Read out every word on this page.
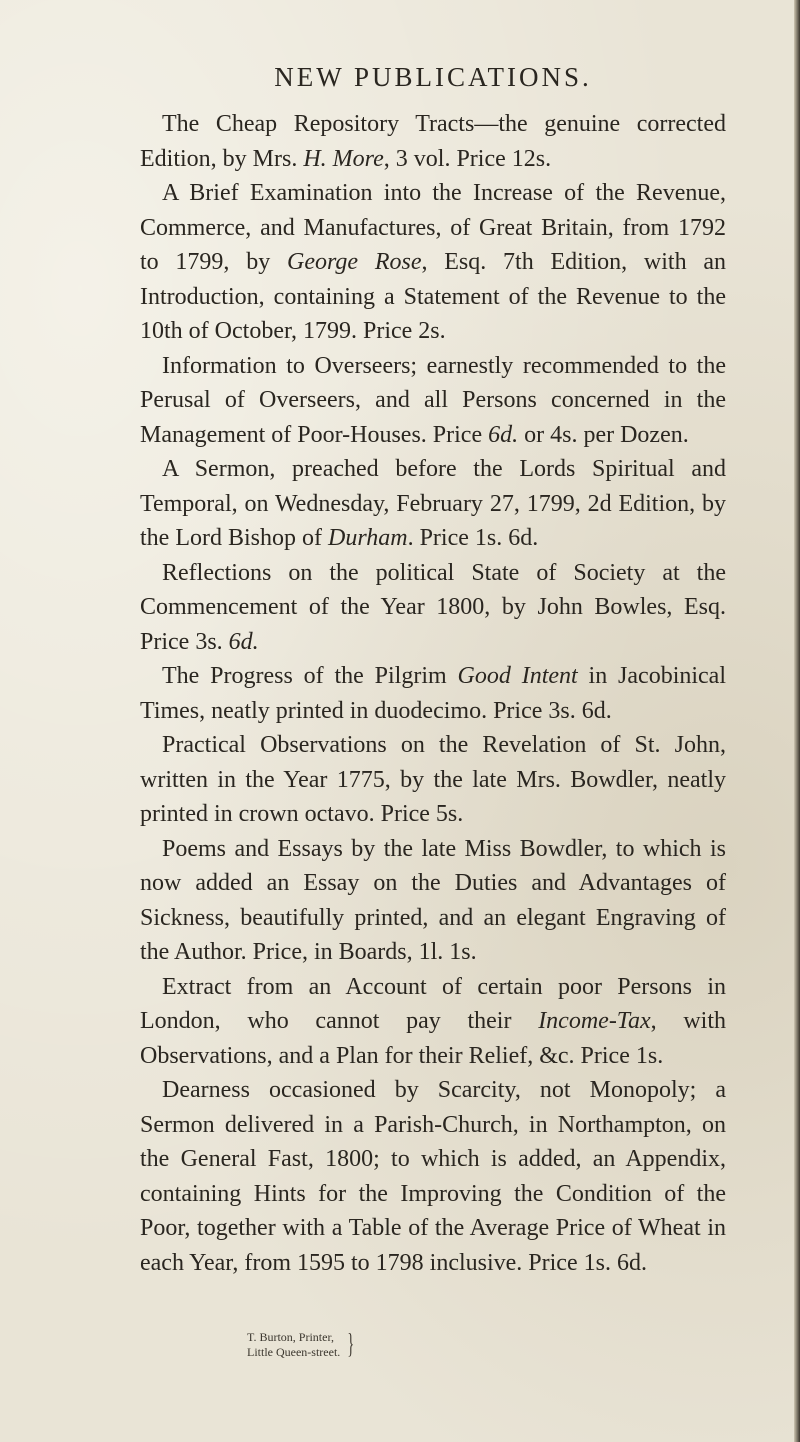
NEW PUBLICATIONS.

The Cheap Repository Tracts—the genuine corrected Edition, by Mrs. H. More, 3 vol. Price 12s.

A Brief Examination into the Increase of the Revenue, Commerce, and Manufactures, of Great Britain, from 1792 to 1799, by George Rose, Esq. 7th Edition, with an Introduction, containing a Statement of the Revenue to the 10th of October, 1799. Price 2s.

Information to Overseers; earnestly recommended to the Perusal of Overseers, and all Persons concerned in the Management of Poor-Houses. Price 6d. or 4s. per Dozen.

A Sermon, preached before the Lords Spiritual and Temporal, on Wednesday, February 27, 1799, 2d Edition, by the Lord Bishop of Durham. Price 1s. 6d.

Reflections on the political State of Society at the Commencement of the Year 1800, by John Bowles, Esq. Price 3s. 6d.

The Progress of the Pilgrim Good Intent in Jacobinical Times, neatly printed in duodecimo. Price 3s. 6d.

Practical Observations on the Revelation of St. John, written in the Year 1775, by the late Mrs. Bowdler, neatly printed in crown octavo. Price 5s.

Poems and Essays by the late Miss Bowdler, to which is now added an Essay on the Duties and Advantages of Sickness, beautifully printed, and an elegant Engraving of the Author. Price, in Boards, 1l. 1s.

Extract from an Account of certain poor Persons in London, who cannot pay their Income-Tax, with Observations, and a Plan for their Relief, &c. Price 1s.

Dearness occasioned by Scarcity, not Monopoly; a Sermon delivered in a Parish-Church, in Northampton, on the General Fast, 1800; to which is added, an Appendix, containing Hints for the Improving the Condition of the Poor, together with a Table of the Average Price of Wheat in each Year, from 1595 to 1798 inclusive. Price 1s. 6d.

T. Burton, Printer,
Little Queen-street. }
